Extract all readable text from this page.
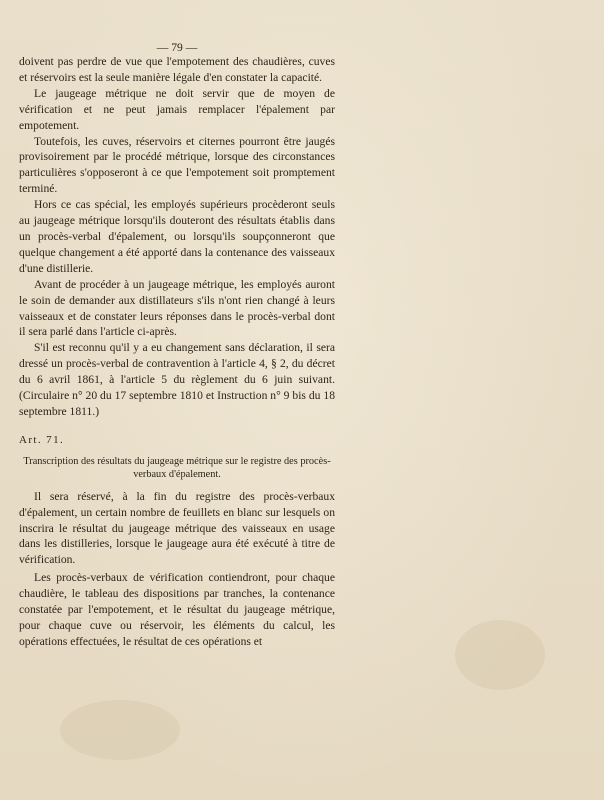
— 79 —

doivent pas perdre de vue que l'empotement des chaudières, cuves et réservoirs est la seule manière légale d'en constater la capacité.

Le jaugeage métrique ne doit servir que de moyen de vérification et ne peut jamais remplacer l'épalement par empotement.

Toutefois, les cuves, réservoirs et citernes pourront être jaugés provisoirement par le procédé métrique, lorsque des circonstances particulières s'opposeront à ce que l'empotement soit promptement terminé.

Hors ce cas spécial, les employés supérieurs procèderont seuls au jaugeage métrique lorsqu'ils douteront des résultats établis dans un procès-verbal d'épalement, ou lorsqu'ils soupçonneront que quelque changement a été apporté dans la contenance des vaisseaux d'une distillerie.

Avant de procéder à un jaugeage métrique, les employés auront le soin de demander aux distillateurs s'ils n'ont rien changé à leurs vaisseaux et de constater leurs réponses dans le procès-verbal dont il sera parlé dans l'article ci-après.

S'il est reconnu qu'il y a eu changement sans déclaration, il sera dressé un procès-verbal de contravention à l'article 4, § 2, du décret du 6 avril 1861, à l'article 5 du règlement du 6 juin suivant. (Circulaire n° 20 du 17 septembre 1810 et Instruction n° 9 bis du 18 septembre 1811.)

Art. 71.

Transcription des résultats du jaugeage métrique sur le registre des procès-verbaux d'épalement.

Il sera réservé, à la fin du registre des procès-verbaux d'épalement, un certain nombre de feuillets en blanc sur lesquels on inscrira le résultat du jaugeage métrique des vaisseaux en usage dans les distilleries, lorsque le jaugeage aura été exécuté à titre de vérification.

Les procès-verbaux de vérification contiendront, pour chaque chaudière, le tableau des dispositions par tranches, la contenance constatée par l'empotement, et le résultat du jaugeage métrique, pour chaque cuve ou réservoir, les éléments du calcul, les opérations effectuées, le résultat de ces opérations et
